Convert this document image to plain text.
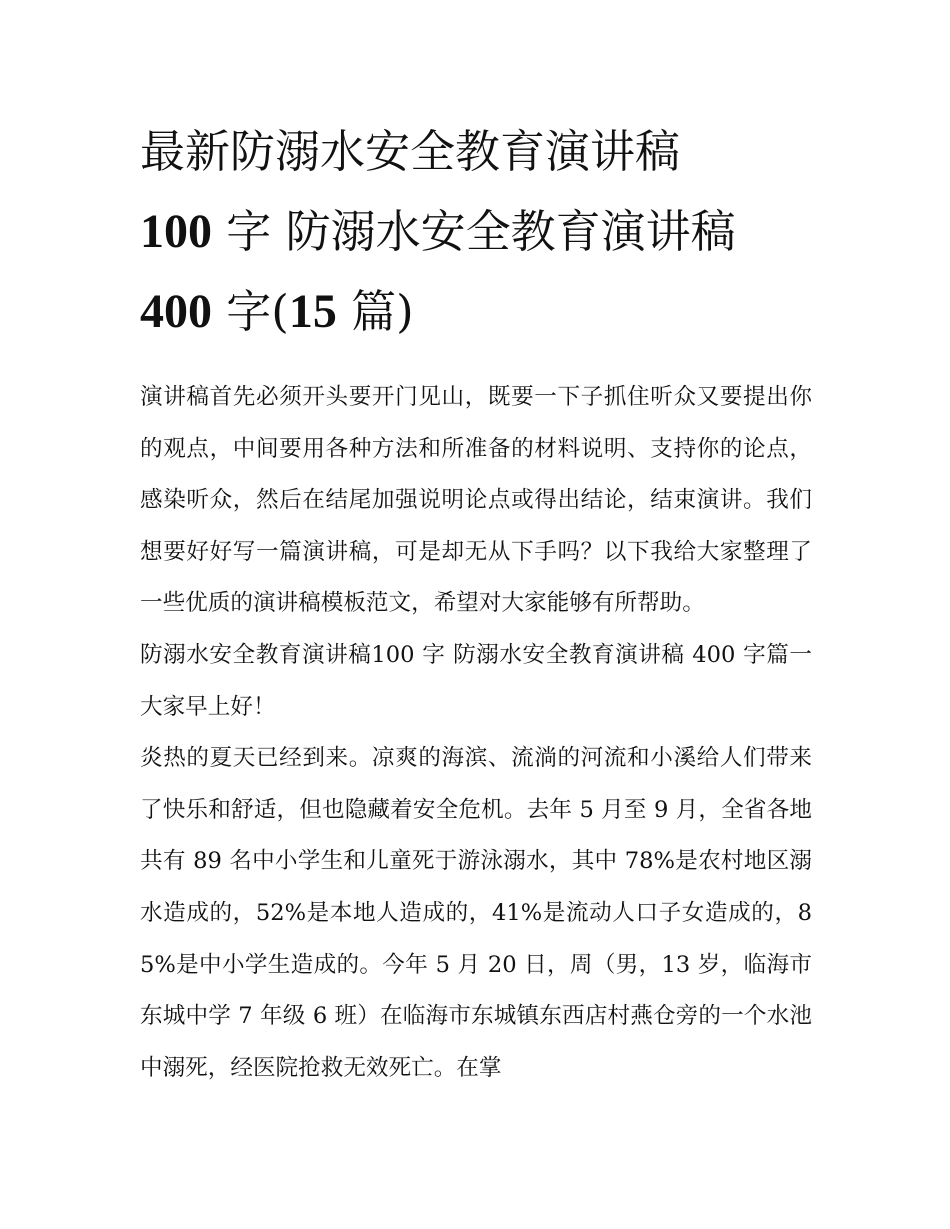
最新防溺水安全教育演讲稿
100 字 防溺水安全教育演讲稿
400 字(15 篇)

演讲稿首先必须开头要开门见山，既要一下子抓住听众又要提出你的观点，中间要用各种方法和所准备的材料说明、支持你的论点，感染听众，然后在结尾加强说明论点或得出结论，结束演讲。我们想要好好写一篇演讲稿，可是却无从下手吗？以下我给大家整理了一些优质的演讲稿模板范文，希望对大家能够有所帮助。

防溺水安全教育演讲稿100 字 防溺水安全教育演讲稿 400 字篇一 大家早上好！

炎热的夏天已经到来。凉爽的海滨、流淌的河流和小溪给人们带来了快乐和舒适，但也隐藏着安全危机。去年 5 月至 9 月，全省各地共有 89 名中小学生和儿童死于游泳溺水，其中 78%是农村地区溺水造成的，52%是本地人造成的，41%是流动人口子女造成的，85%是中小学生造成的。今年 5 月 20 日，周（男，13 岁，临海市东城中学 7 年级 6 班）在临海市东城镇东西店村燕仓旁的一个水池中溺死，经医院抢救无效死亡。在掌
